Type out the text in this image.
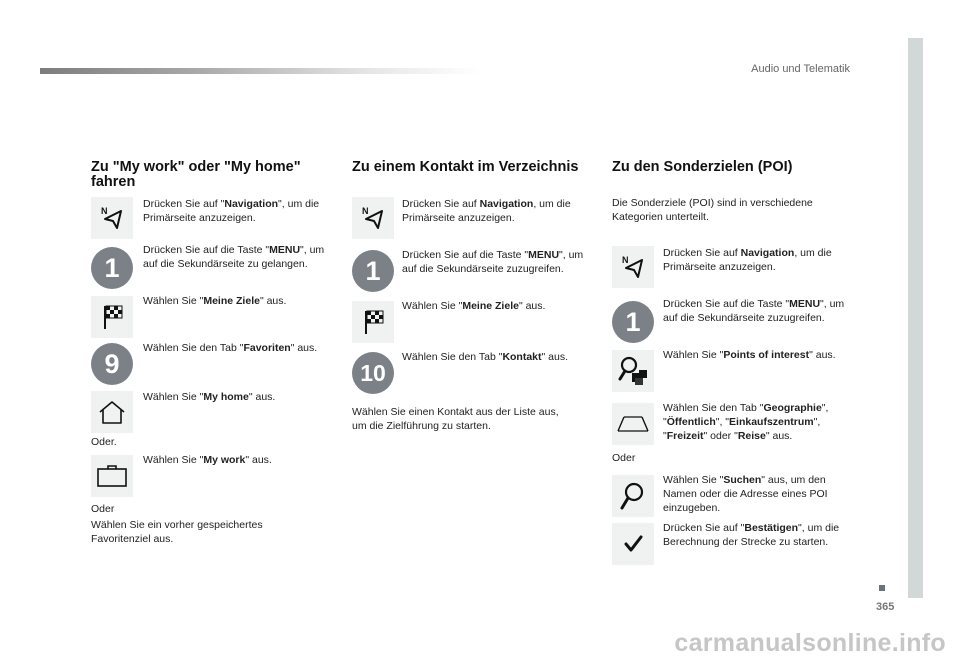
Audio und Telematik
365
carmanualsonline.info
Zu "My work" oder "My home"
fahren
N
Drücken Sie auf "Navigation", um die Primärseite anzuzeigen.
1
Drücken Sie auf die Taste "MENU", um auf die Sekundärseite zu gelangen.
Wählen Sie "Meine Ziele" aus.
9
Wählen Sie den Tab "Favoriten" aus.
Wählen Sie "My home" aus.
Oder.
Wählen Sie "My work" aus.
Oder
Wählen Sie ein vorher gespeichertes
Favoritenziel aus.
Zu einem Kontakt im Verzeichnis
N
Drücken Sie auf Navigation, um die Primärseite anzuzeigen.
1
Drücken Sie auf die Taste "MENU", um auf die Sekundärseite zuzugreifen.
Wählen Sie "Meine Ziele" aus.
10
Wählen Sie den Tab "Kontakt" aus.
Wählen Sie einen Kontakt aus der Liste aus,
um die Zielführung zu starten.
Zu den Sonderzielen (POI)
Die Sonderziele (POI) sind in verschiedene
Kategorien unterteilt.
N
Drücken Sie auf Navigation, um die Primärseite anzuzeigen.
1
Drücken Sie auf die Taste "MENU", um auf die Sekundärseite zuzugreifen.
Wählen Sie "Points of interest" aus.
Wählen Sie den Tab "Geographie", "Öffentlich", "Einkaufszentrum", "Freizeit" oder "Reise" aus.
Oder
Wählen Sie "Suchen" aus, um den Namen oder die Adresse eines POI einzugeben.
Drücken Sie auf "Bestätigen", um die Berechnung der Strecke zu starten.
